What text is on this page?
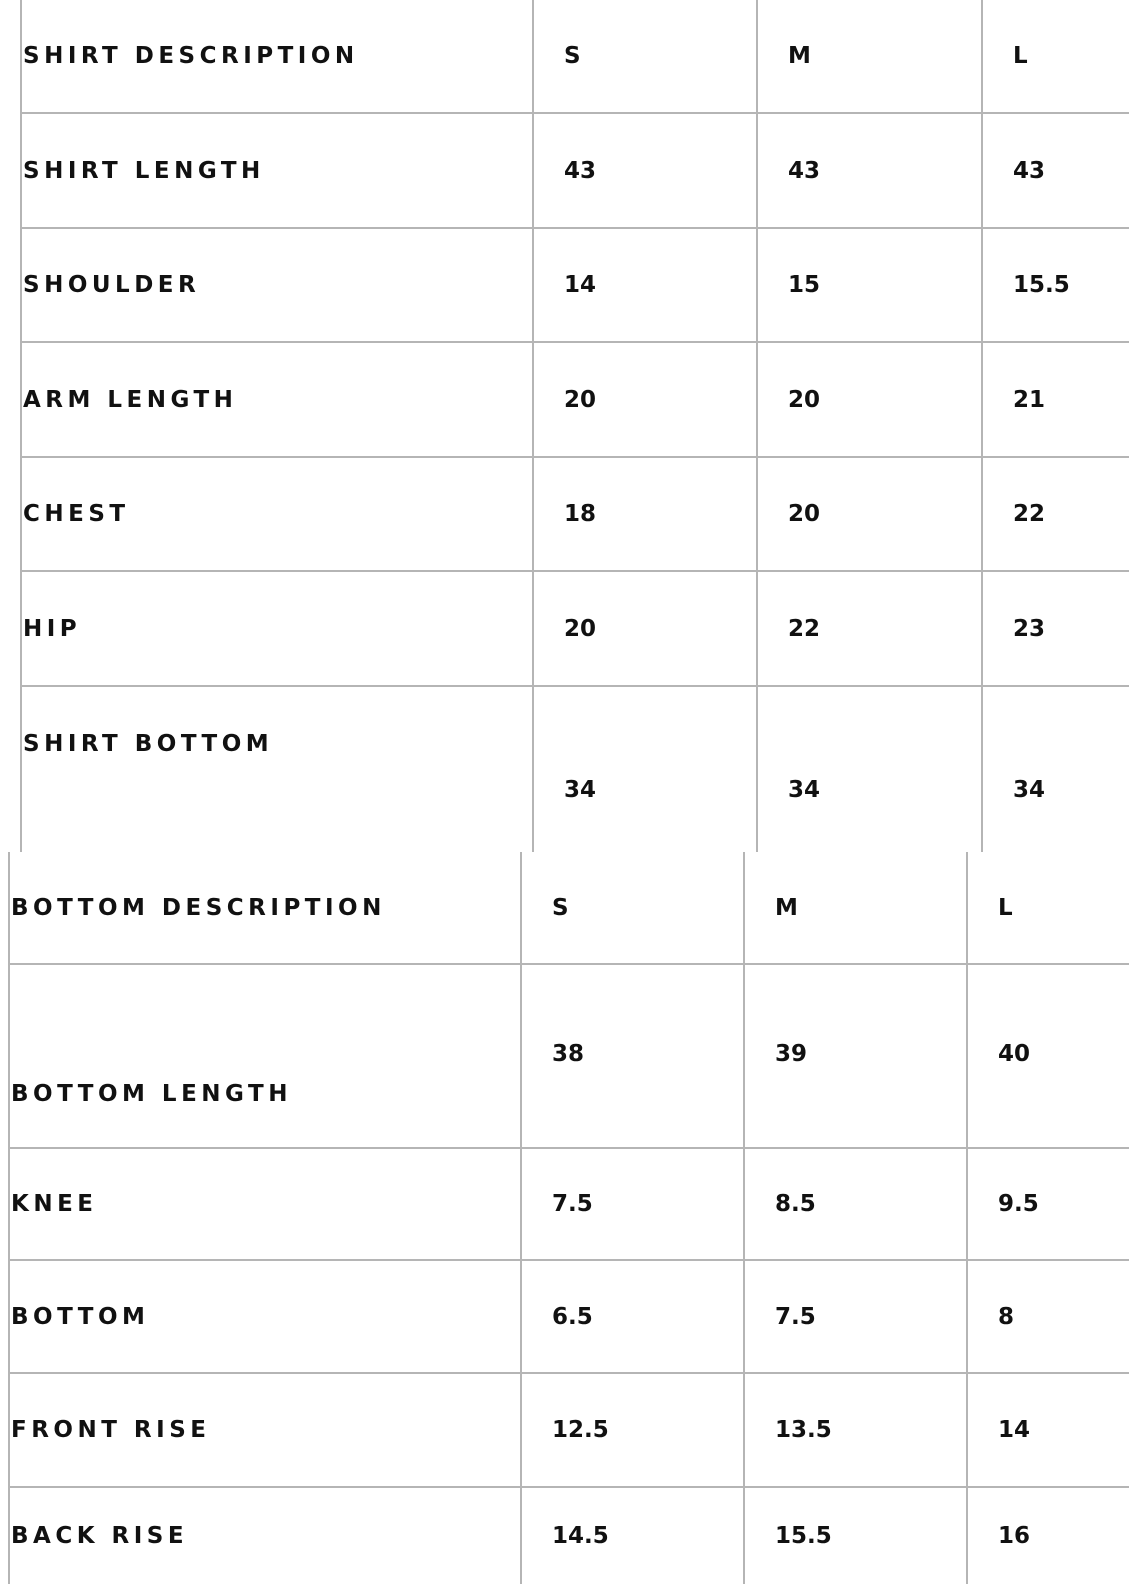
SHIRT DESCRIPTION	S	M	L
SHIRT LENGTH	43	43	43
SHOULDER	14	15	15.5
ARM LENGTH	20	20	21
CHEST	18	20	22
HIP	20	22	23
SHIRT BOTTOM	34	34	34
BOTTOM DESCRIPTION	S	M	L
BOTTOM LENGTH	38	39	40
KNEE	7.5	8.5	9.5
BOTTOM	6.5	7.5	8
FRONT RISE	12.5	13.5	14
BACK RISE	14.5	15.5	16
